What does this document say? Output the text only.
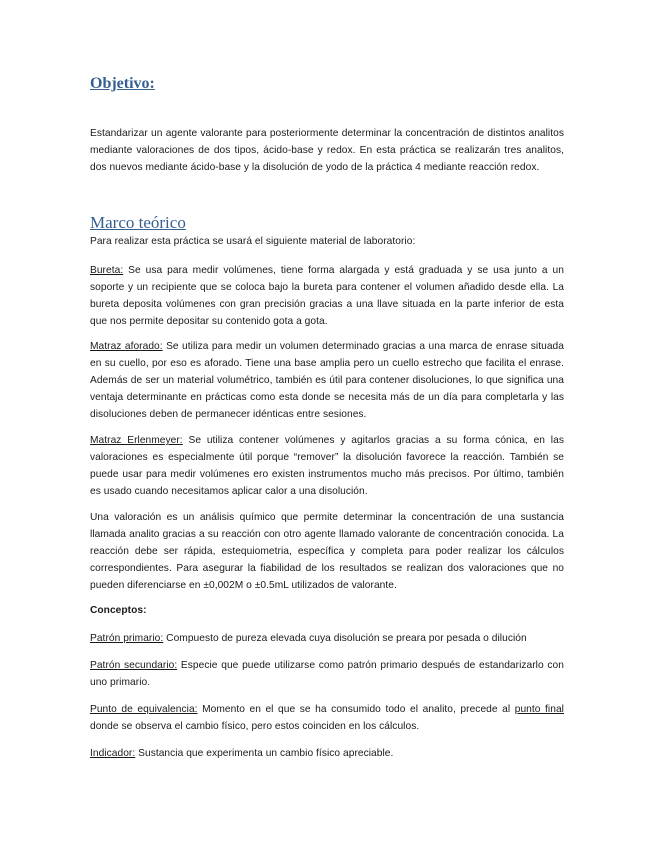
Objetivo:

Estandarizar un agente valorante para posteriormente determinar la concentración de distintos analitos mediante valoraciones de dos tipos, ácido-base y redox. En esta práctica se realizarán tres analitos, dos nuevos mediante ácido-base y la disolución de yodo de la práctica 4 mediante reacción redox.

Marco teórico

Para realizar esta práctica se usará el siguiente material de laboratorio:

Bureta: Se usa para medir volúmenes, tiene forma alargada y está graduada y se usa junto a un soporte y un recipiente que se coloca bajo la bureta para contener el volumen añadido desde ella. La bureta deposita volúmenes con gran precisión gracias a una llave situada en la parte inferior de esta que nos permite depositar su contenido gota a gota.

Matraz aforado: Se utiliza para medir un volumen determinado gracias a una marca de enrase situada en su cuello, por eso es aforado. Tiene una base amplia pero un cuello estrecho que facilita el enrase. Además de ser un material volumétrico, también es útil para contener disoluciones, lo que significa una ventaja determinante en prácticas como esta donde se necesita más de un día para completarla y las disoluciones deben de permanecer idénticas entre sesiones.

Matraz Erlenmeyer: Se utiliza contener volúmenes y agitarlos gracias a su forma cónica, en las valoraciones es especialmente útil porque “remover” la disolución favorece la reacción. También se puede usar para medir volúmenes ero existen instrumentos mucho más precisos. Por último, también es usado cuando necesitamos aplicar calor a una disolución.

Una valoración es un análisis químico que permite determinar la concentración de una sustancia llamada analito gracias a su reacción con otro agente llamado valorante de concentración conocida. La reacción debe ser rápida, estequiometria, específica y completa para poder realizar los cálculos correspondientes. Para asegurar la fiabilidad de los resultados se realizan dos valoraciones que no pueden diferenciarse en ±0,002M o ±0.5mL utilizados de valorante.

Conceptos:

Patrón primario: Compuesto de pureza elevada cuya disolución se preara por pesada o dilución

Patrón secundario: Especie que puede utilizarse como patrón primario después de estandarizarlo con uno primario.

Punto de equivalencia: Momento en el que se ha consumido todo el analito, precede al punto final donde se observa el cambio físico, pero estos coinciden en los cálculos.

Indicador: Sustancia que experimenta un cambio físico apreciable.
